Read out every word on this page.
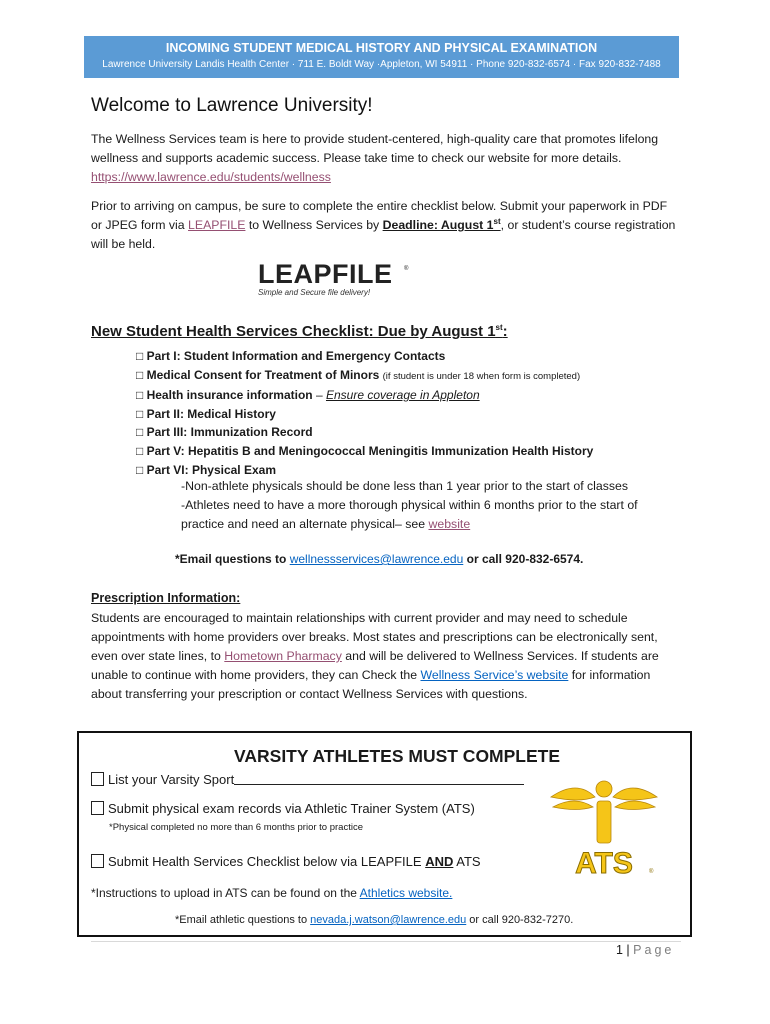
INCOMING STUDENT MEDICAL HISTORY AND PHYSICAL EXAMINATION
Lawrence University Landis Health Center · 711 E. Boldt Way ·Appleton, WI 54911 · Phone 920-832-6574 · Fax 920-832-7488
Welcome to Lawrence University!
The Wellness Services team is here to provide student-centered, high-quality care that promotes lifelong wellness and supports academic success. Please take time to check our website for more details.
https://www.lawrence.edu/students/wellness
Prior to arriving on campus, be sure to complete the entire checklist below. Submit your paperwork in PDF or JPEG form via LEAPFILE to Wellness Services by Deadline: August 1st, or student’s course registration will be held.
LEAPFILE
Simple and Secure file delivery!
®
New Student Health Services Checklist: Due by August 1st:
□ Part I: Student Information and Emergency Contacts
□ Medical Consent for Treatment of Minors (if student is under 18 when form is completed)
□ Health insurance information – Ensure coverage in Appleton
□ Part II: Medical History
□ Part III: Immunization Record
□ Part V: Hepatitis B and Meningococcal Meningitis Immunization Health History
□ Part VI: Physical Exam
-Non-athlete physicals should be done less than 1 year prior to the start of classes
-Athletes need to have a more thorough physical within 6 months prior to the start of practice and need an alternate physical– see website
*Email questions to wellnessservices@lawrence.edu or call 920-832-6574.
Prescription Information:
Students are encouraged to maintain relationships with current provider and may need to schedule appointments with home providers over breaks. Most states and prescriptions can be electronically sent, even over state lines, to Hometown Pharmacy and will be delivered to Wellness Services. If students are unable to continue with home providers, they can Check the Wellness Service’s website for information about transferring your prescription or contact Wellness Services with questions.
VARSITY ATHLETES MUST COMPLETE
List your Varsity Sport
Submit physical exam records via Athletic Trainer System (ATS)
*Physical completed no more than 6 months prior to practice
Submit Health Services Checklist below via LEAPFILE AND ATS
*Instructions to upload in ATS can be found on the Athletics website.
*Email athletic questions to nevada.j.watson@lawrence.edu or call 920-832-7270.
ATS	®
1 | Page
